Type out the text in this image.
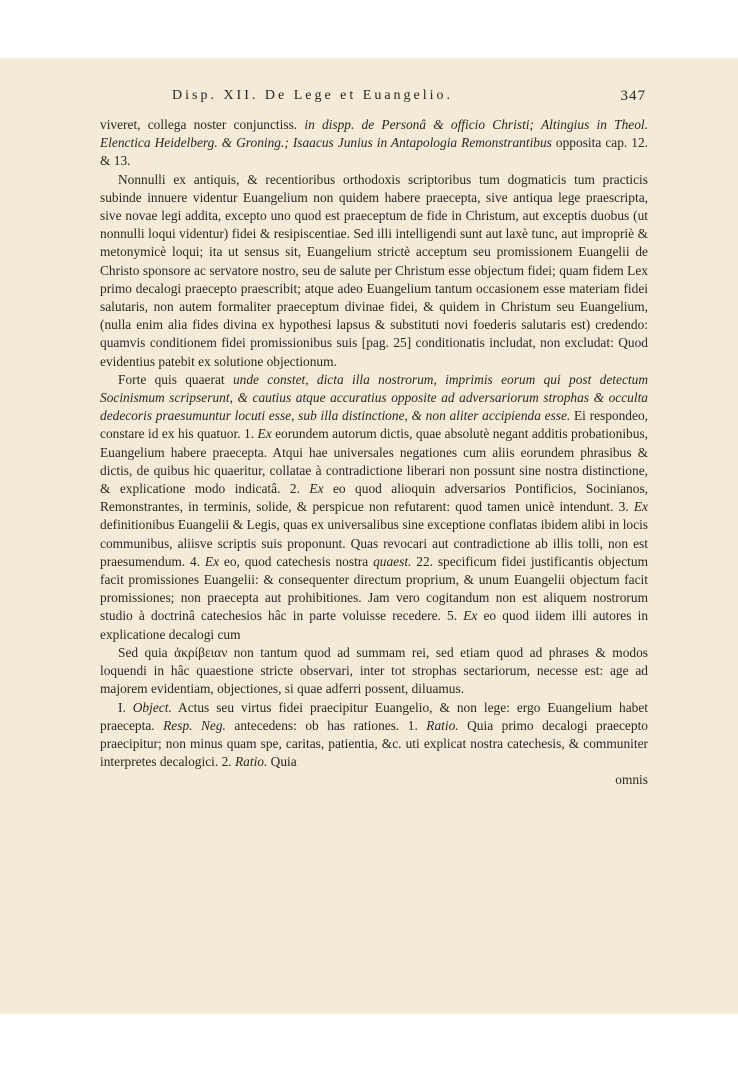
Disp. XII. De Lege et Euangelio.	347

viveret, collega noster conjunctiss. in dispp. de Personâ & officio Christi; Altingius in Theol. Elenctica Heidelberg. & Groning.; Isaacus Junius in Antapologia Remonstrantibus opposita cap. 12. & 13.

Nonnulli ex antiquis, & recentioribus orthodoxis scriptoribus tum dogmaticis tum practicis subinde innuere videntur Euangelium non quidem habere praecepta, sive antiqua lege praescripta, sive novae legi addita, excepto uno quod est praeceptum de fide in Christum, aut exceptis duobus (ut nonnulli loqui videntur) fidei & resipiscentiae. Sed illi intelligendi sunt aut laxè tunc, aut impropriè & metonymicè loqui; ita ut sensus sit, Euangelium strictè acceptum seu promissionem Euangelii de Christo sponsore ac servatore nostro, seu de salute per Christum esse objectum fidei; quam fidem Lex primo decalogi praecepto praescribit; atque adeo Euangelium tantum occasionem esse materiam fidei salutaris, non autem formaliter praeceptum divinae fidei, & quidem in Christum seu Euangelium, (nulla enim alia fides divina ex hypothesi lapsus & substituti novi foederis salutaris est) credendo: quamvis conditionem fidei promissionibus suis [pag. 25] conditionatis includat, non excludat: Quod evidentius patebit ex solutione objectionum.

Forte quis quaerat unde constet, dicta illa nostrorum, imprimis eorum qui post detectum Socinismum scripserunt, & cautius atque accuratius opposite ad adversariorum strophas & occulta dedecoris praesumuntur locuti esse, sub illa distinctione, & non aliter accipienda esse. Ei respondeo, constare id ex his quatuor. 1. Ex eorundem autorum dictis, quae absolutè negant additis probationibus, Euangelium habere praecepta. Atqui hae universales negationes cum aliis eorundem phrasibus & dictis, de quibus hic quaeritur, collatae à contradictione liberari non possunt sine nostra distinctione, & explicatione modo indicatâ. 2. Ex eo quod alioquin adversarios Pontificios, Socinianos, Remonstrantes, in terminis, solide, & perspicue non refutarent: quod tamen unicè intendunt. 3. Ex definitionibus Euangelii & Legis, quas ex universalibus sine exceptione conflatas ibidem alibi in locis communibus, aliisve scriptis suis proponunt. Quas revocari aut contradictione ab illis tolli, non est praesumendum. 4. Ex eo, quod catechesis nostra quaest. 22. specificum fidei justificantis objectum facit promissiones Euangelii: & consequenter directum proprium, & unum Euangelii objectum facit promissiones; non praecepta aut prohibitiones. Jam vero cogitandum non est aliquem nostrorum studio à doctrinâ catechesios hâc in parte voluisse recedere. 5. Ex eo quod iidem illi autores in explicatione decalogi cum

Sed quia ἀκρίβειαν non tantum quod ad summam rei, sed etiam quod ad phrases & modos loquendi in hâc quaestione stricte observari, inter tot strophas sectariorum, necesse est: age ad majorem evidentiam, objectiones, si quae adferri possent, diluamus.

I. Object. Actus seu virtus fidei praecipitur Euangelio, & non lege: ergo Euangelium habet praecepta. Resp. Neg. antecedens: ob has rationes. 1. Ratio. Quia primo decalogi praecepto praecipitur; non minus quam spe, caritas, patientia, &c. uti explicat nostra catechesis, & communiter interpretes decalogici. 2. Ratio. Quia

omnis
